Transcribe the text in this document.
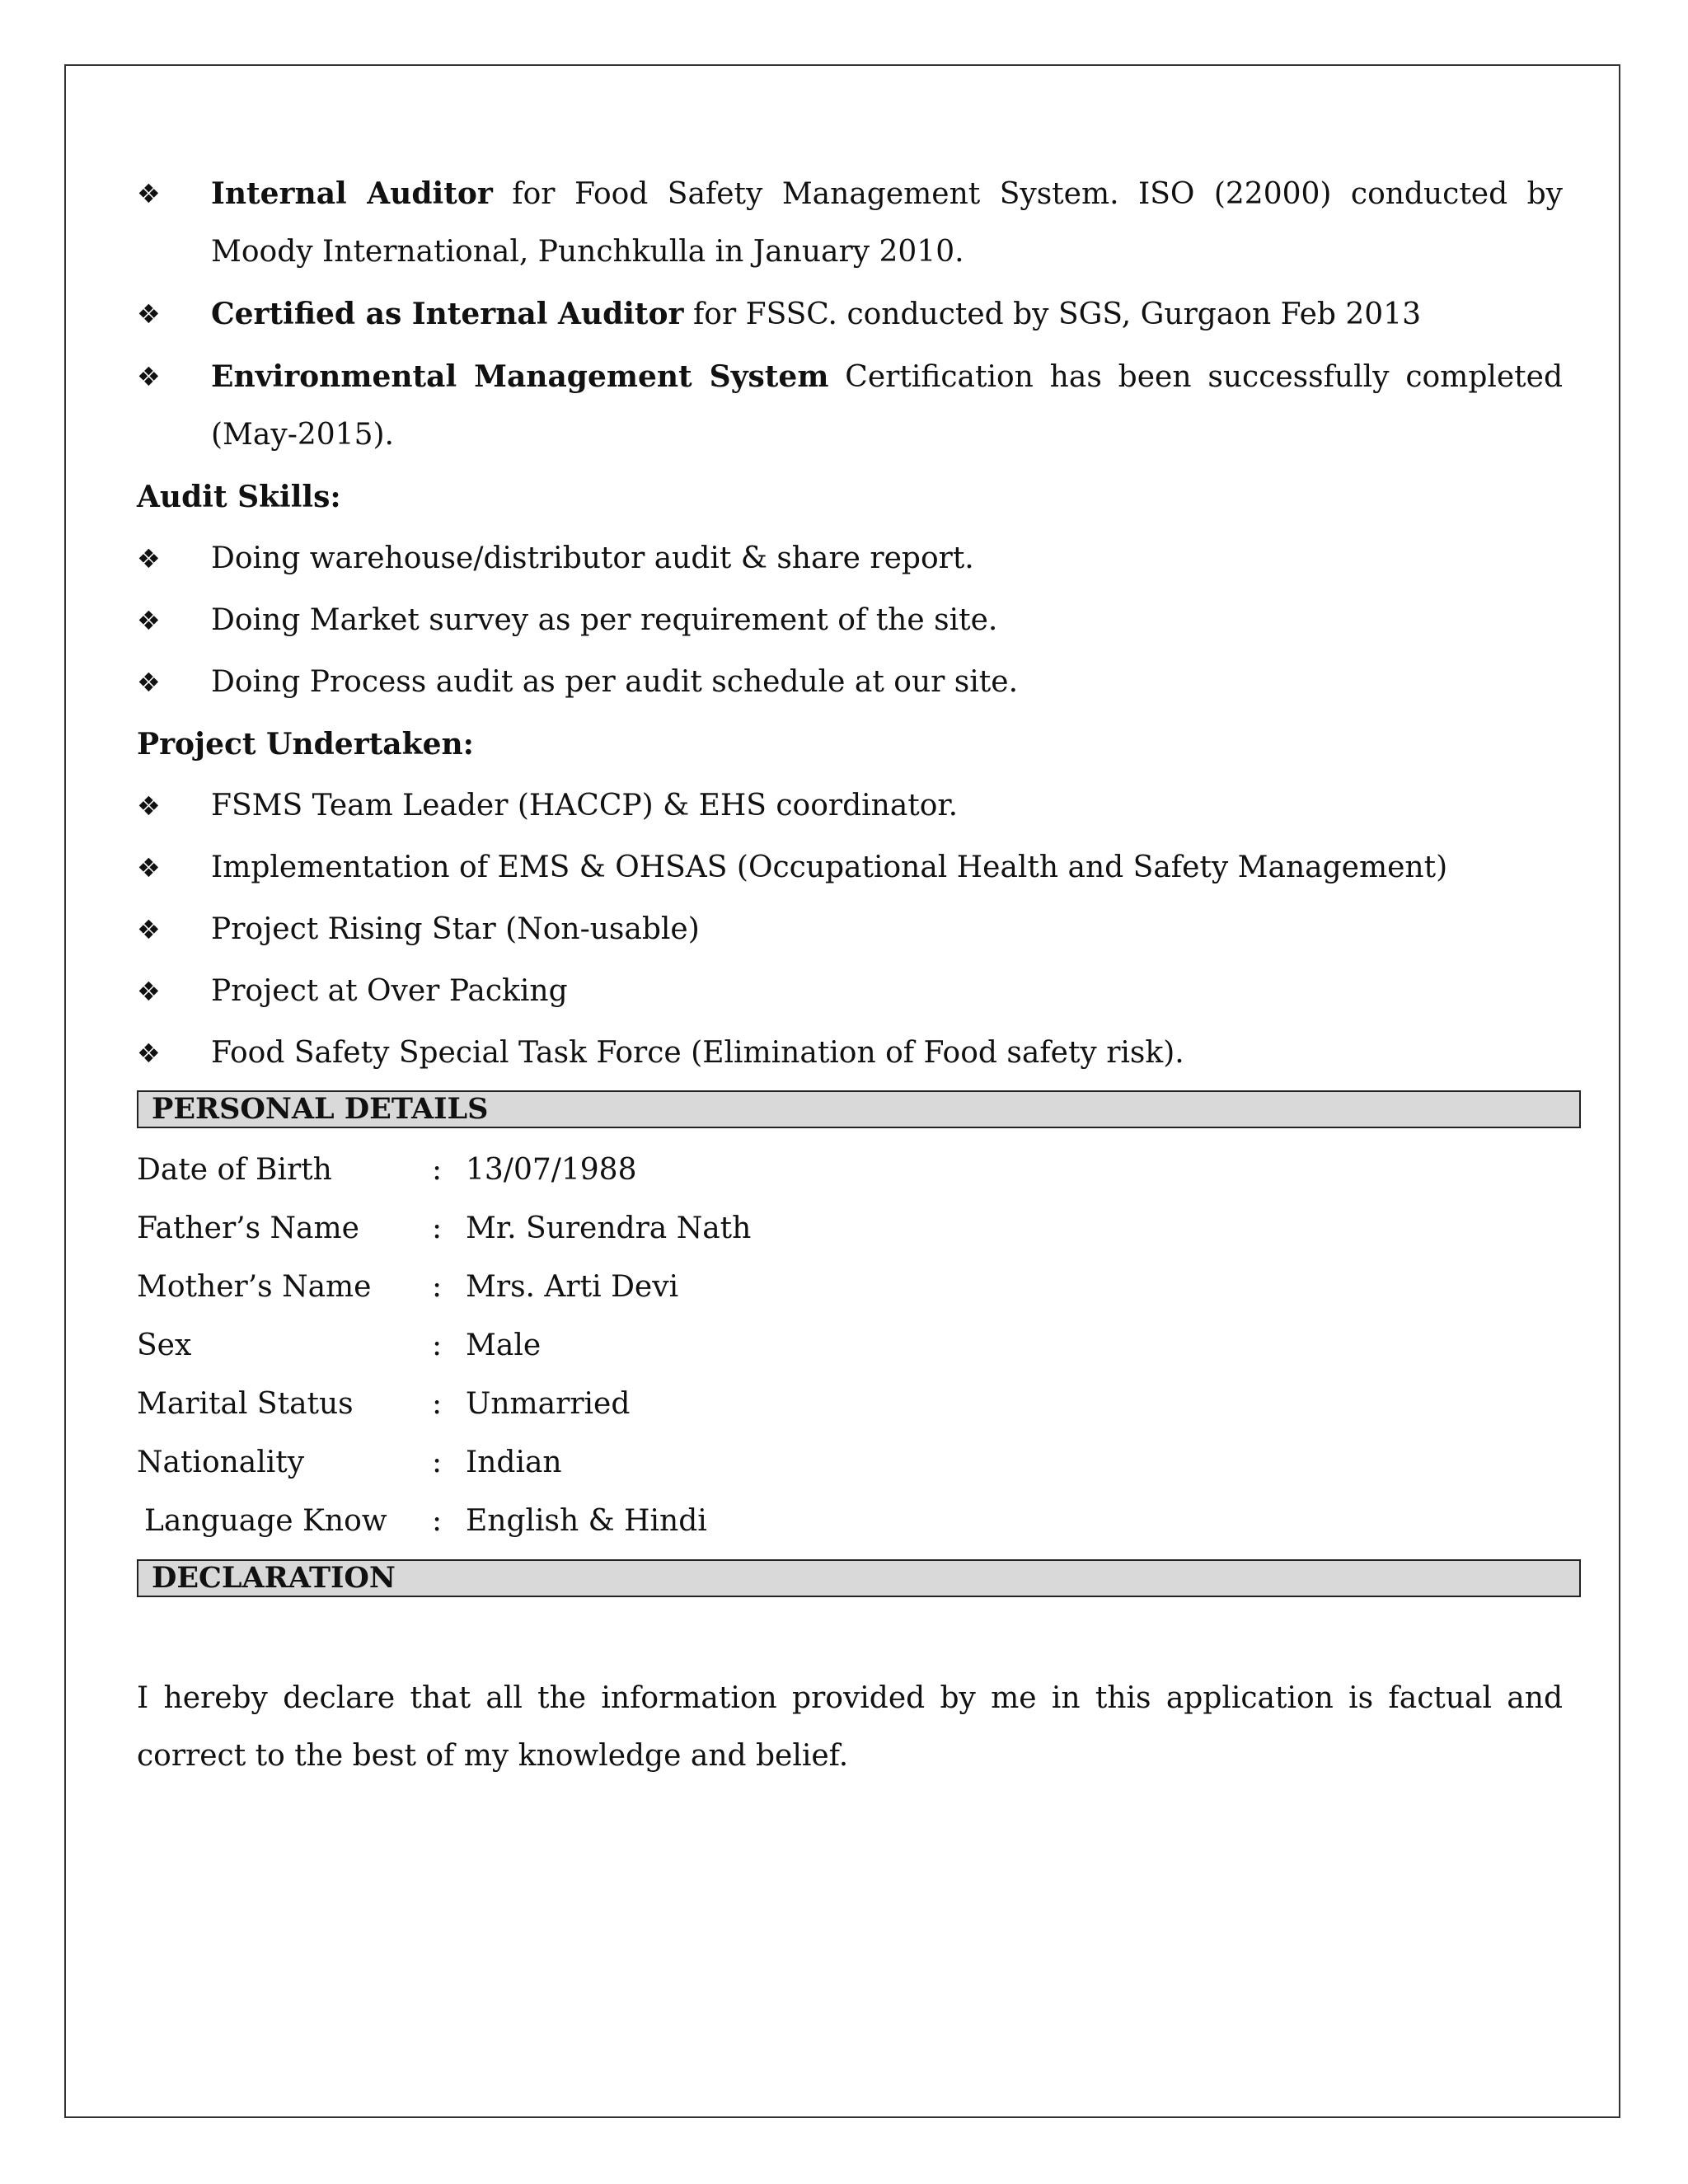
❖	Internal Auditor for Food Safety Management System. ISO (22000) conducted by Moody International, Punchkulla in January 2010.
❖	Certified as Internal Auditor for FSSC. conducted by SGS, Gurgaon Feb 2013
❖	Environmental Management System Certification has been successfully completed (May-2015).
Audit Skills:
❖	Doing warehouse/distributor audit & share report.
❖	Doing Market survey as per requirement of the site.
❖	Doing Process audit as per audit schedule at our site.
Project Undertaken:
❖	FSMS Team Leader (HACCP) & EHS coordinator.
❖	Implementation of EMS & OHSAS (Occupational Health and Safety Management)
❖	Project Rising Star (Non-usable)
❖	Project at Over Packing
❖	Food Safety Special Task Force (Elimination of Food safety risk).
PERSONAL DETAILS
Date of Birth	: 13/07/1988
Father’s Name : Mr. Surendra Nath
Mother’s Name : Mrs. Arti Devi
Sex	: Male
Marital Status	: Unmarried
Nationality	: Indian
Language Know : English & Hindi
DECLARATION

I hereby declare that all the information provided by me in this application is factual and correct to the best of my knowledge and belief.
